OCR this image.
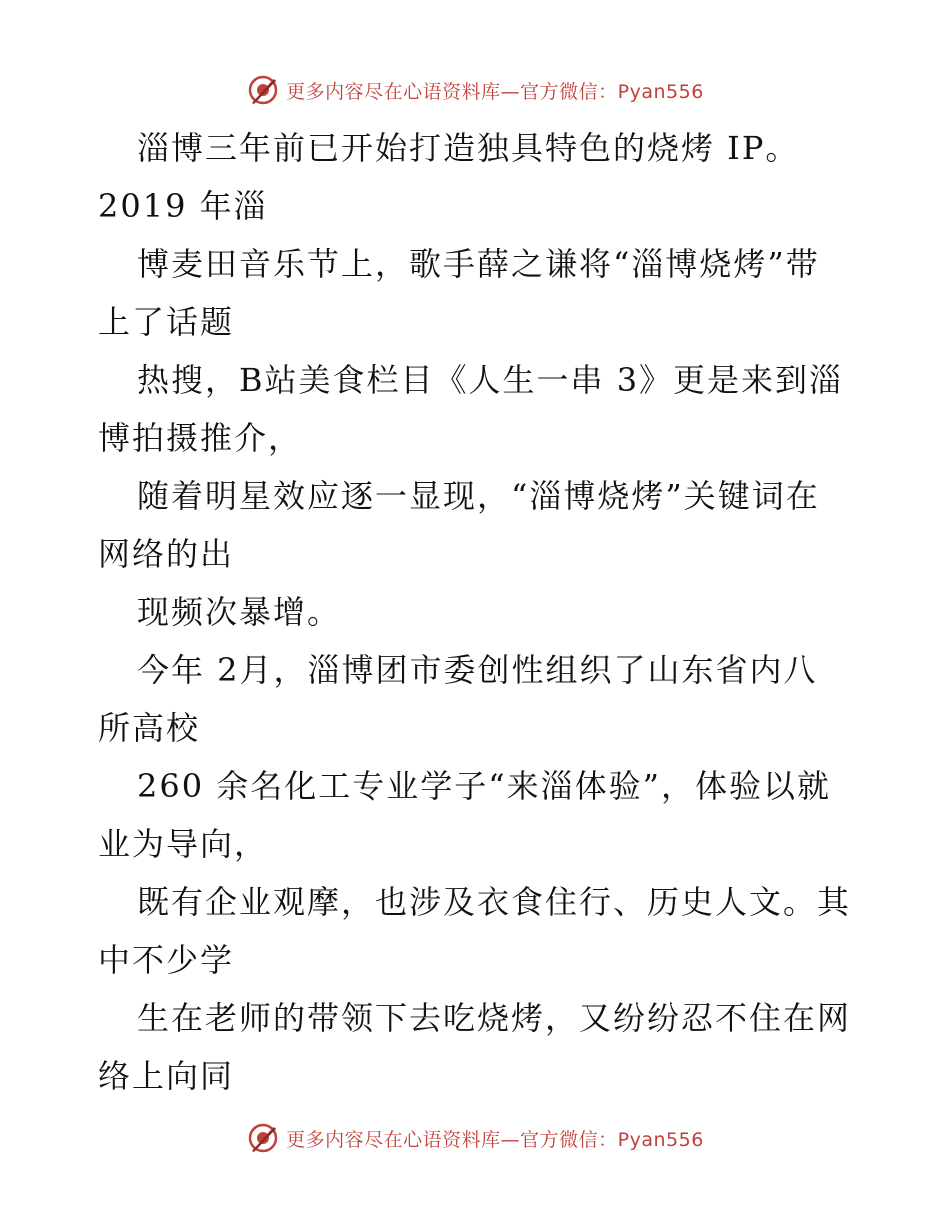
更多内容尽在心语资料库—官方微信：Pyan556
淄博三年前已开始打造独具特色的烧烤 IP。
2019 年淄
博麦田音乐节上，歌手薛之谦将“淄博烧烤”带
上了话题
热搜，B站美食栏目《人生一串 3》更是来到淄
博拍摄推介，
随着明星效应逐一显现，“淄博烧烤”关键词在
网络的出
现频次暴增。
今年 2月，淄博团市委创性组织了山东省内八
所高校
260 余名化工专业学子“来淄体验”，体验以就
业为导向，
既有企业观摩，也涉及衣食住行、历史人文。其
中不少学
生在老师的带领下去吃烧烤，又纷纷忍不住在网
络上向同
更多内容尽在心语资料库—官方微信：Pyan556
